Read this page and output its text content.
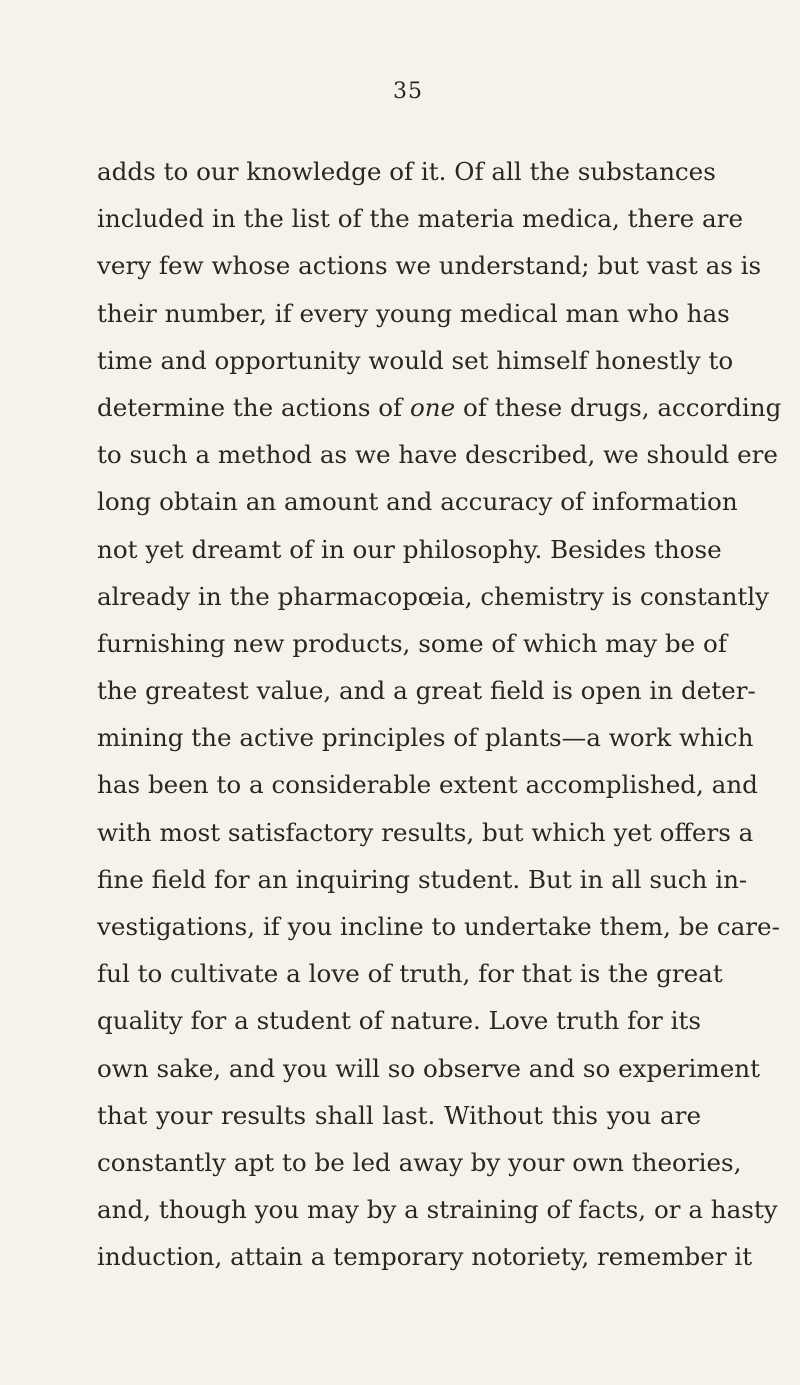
35
adds to our knowledge of it. Of all the substances
included in the list of the materia medica, there are
very few whose actions we understand; but vast as is
their number, if every young medical man who has
time and opportunity would set himself honestly to
determine the actions of one of these drugs, according
to such a method as we have described, we should ere
long obtain an amount and accuracy of information
not yet dreamt of in our philosophy. Besides those
already in the pharmacopœia, chemistry is constantly
furnishing new products, some of which may be of
the greatest value, and a great field is open in deter-
mining the active principles of plants—a work which
has been to a considerable extent accomplished, and
with most satisfactory results, but which yet offers a
fine field for an inquiring student. But in all such in-
vestigations, if you incline to undertake them, be care-
ful to cultivate a love of truth, for that is the great
quality for a student of nature. Love truth for its
own sake, and you will so observe and so experiment
that your results shall last. Without this you are
constantly apt to be led away by your own theories,
and, though you may by a straining of facts, or a hasty
induction, attain a temporary notoriety, remember it
